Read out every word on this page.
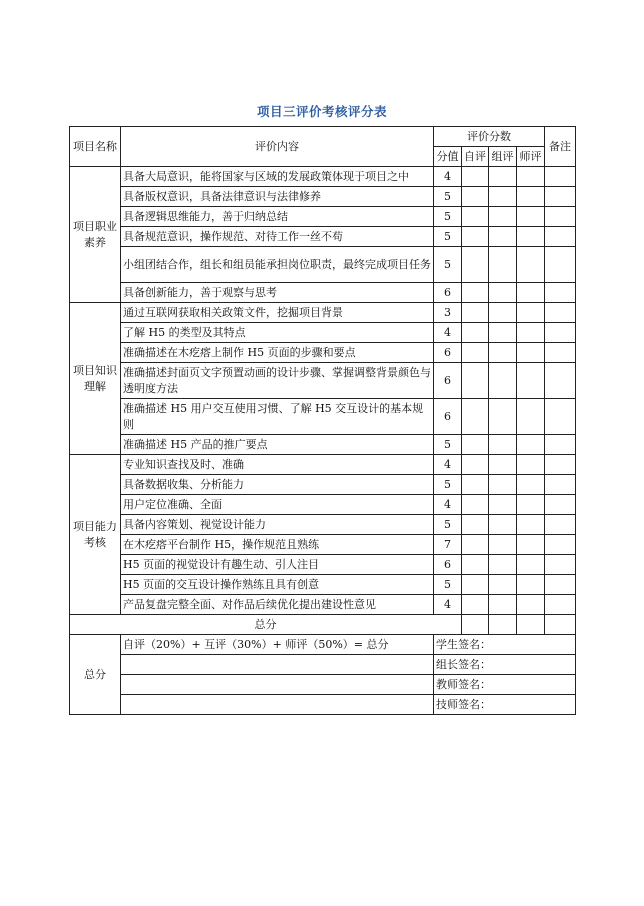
项目三评价考核评分表
项目名称	评价内容	评价分数				备注
		分值	自评	组评	师评	
项目职业素养	具备大局意识，能将国家与区域的发展政策体现于项目之中	4				
	具备版权意识，具备法律意识与法律修养	5				
	具备逻辑思维能力，善于归纳总结	5				
	具备规范意识，操作规范、对待工作一丝不苟	5				
	小组团结合作，组长和组员能承担岗位职责，最终完成项目任务	5				
	具备创新能力，善于观察与思考	6				
项目知识理解	通过互联网获取相关政策文件，挖掘项目背景	3				
	了解 H5 的类型及其特点	4				
	准确描述在木疙瘩上制作 H5 页面的步骤和要点	6				
	准确描述封面页文字预置动画的设计步骤、掌握调整背景颜色与透明度方法	6				
	准确描述 H5 用户交互使用习惯、了解 H5 交互设计的基本规则	6				
	准确描述 H5 产品的推广要点	5				
项目能力考核	专业知识查找及时、准确	4				
	具备数据收集、分析能力	5				
	用户定位准确、全面	4				
	具备内容策划、视觉设计能力	5				
	在木疙瘩平台制作 H5，操作规范且熟练	7				
	H5 页面的视觉设计有趣生动、引人注目	6				
	H5 页面的交互设计操作熟练且具有创意	5				
	产品复盘完整全面、对作品后续优化提出建设性意见	4				
总分						
总分	自评（20%）+ 互评（30%）+ 师评（50%）= 总分	学生签名：				
		组长签名：				
		教师签名：				
		技师签名：				
